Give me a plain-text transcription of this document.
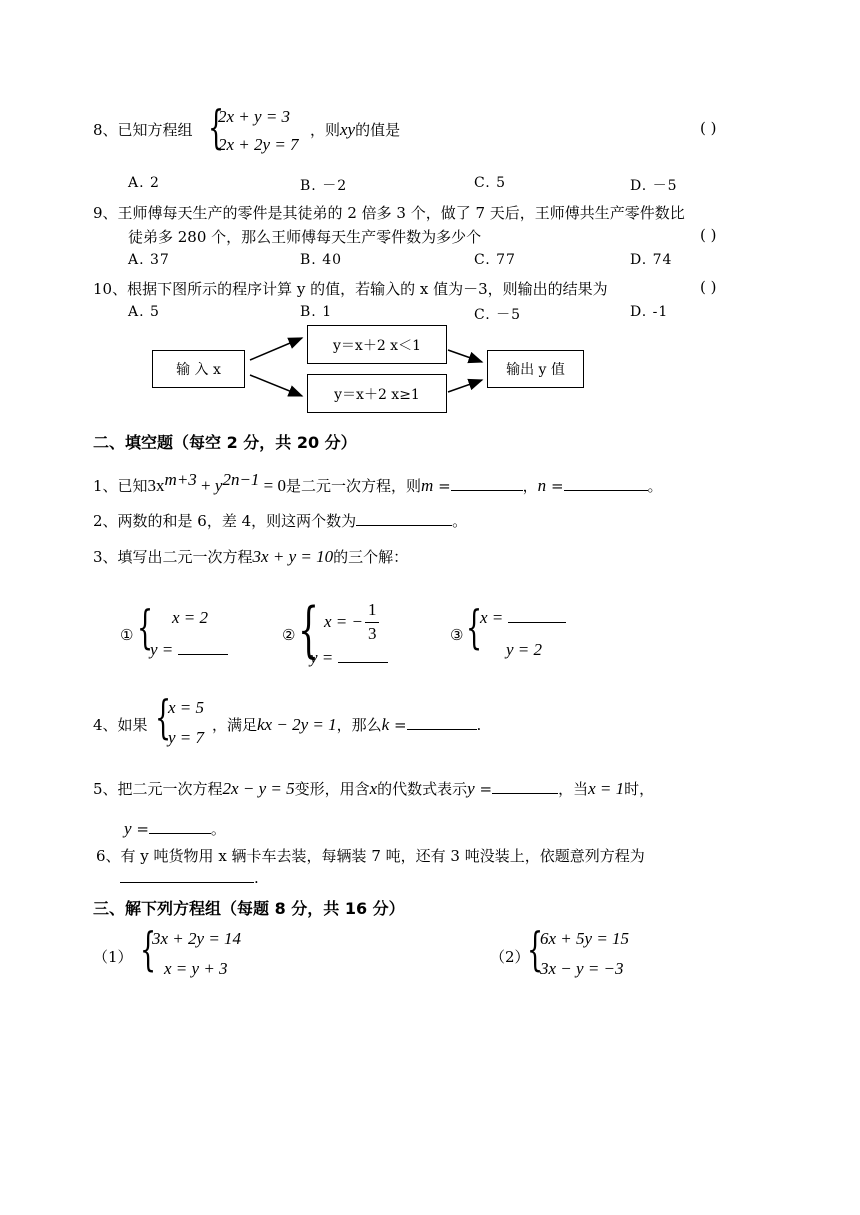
8、已知方程组 {
2x + y = 3
2x + 2y = 7
，则xy的值是	( )
A. 2	B. －2	C. 5	D. －5
9、王师傅每天生产的零件是其徒弟的 2 倍多 3 个，做了 7 天后，王师傅共生产零件数比
徒弟多 280 个，那么王师傅每天生产零件数为多少个	( )
A. 37	B. 40	C. 77	D. 74
10、根据下图所示的程序计算 y 的值，若输入的 x 值为－3，则输出的结果为	( )
A. 5	B. 1	C. －5	D. -1
输 入 x
y＝x＋2 x＜1
y＝x＋2 x≥1
输出 y 值
二、填空题（每空 2 分，共 20 分）
1、已知$3x^{m+3} + y^{2n-1} = 0$是二元一次方程，则m =	，n =	。
2、两数的和是 6，差 4，则这两个数为	。
3、填写出二元一次方程3x + y = 10的三个解：
① { x = 2
y =
② { x = −
1
3
y =
③ {
x =
y = 2
4、如果 {
x = 5
y = 7
，满足kx − 2y = 1，那么k =	.
5、把二元一次方程2x − y = 5变形，用含x的代数式表示y =	，当x = 1时，
y =	。
6、有 y 吨货物用 x 辆卡车去装，每辆装 7 吨，还有 3 吨没装上，依题意列方程为
.
三、解下列方程组（每题 8 分，共 16 分）
（1） {
3x + 2y = 14
x = y + 3
（2）
{
6x + 5y = 15
3x − y = −3
